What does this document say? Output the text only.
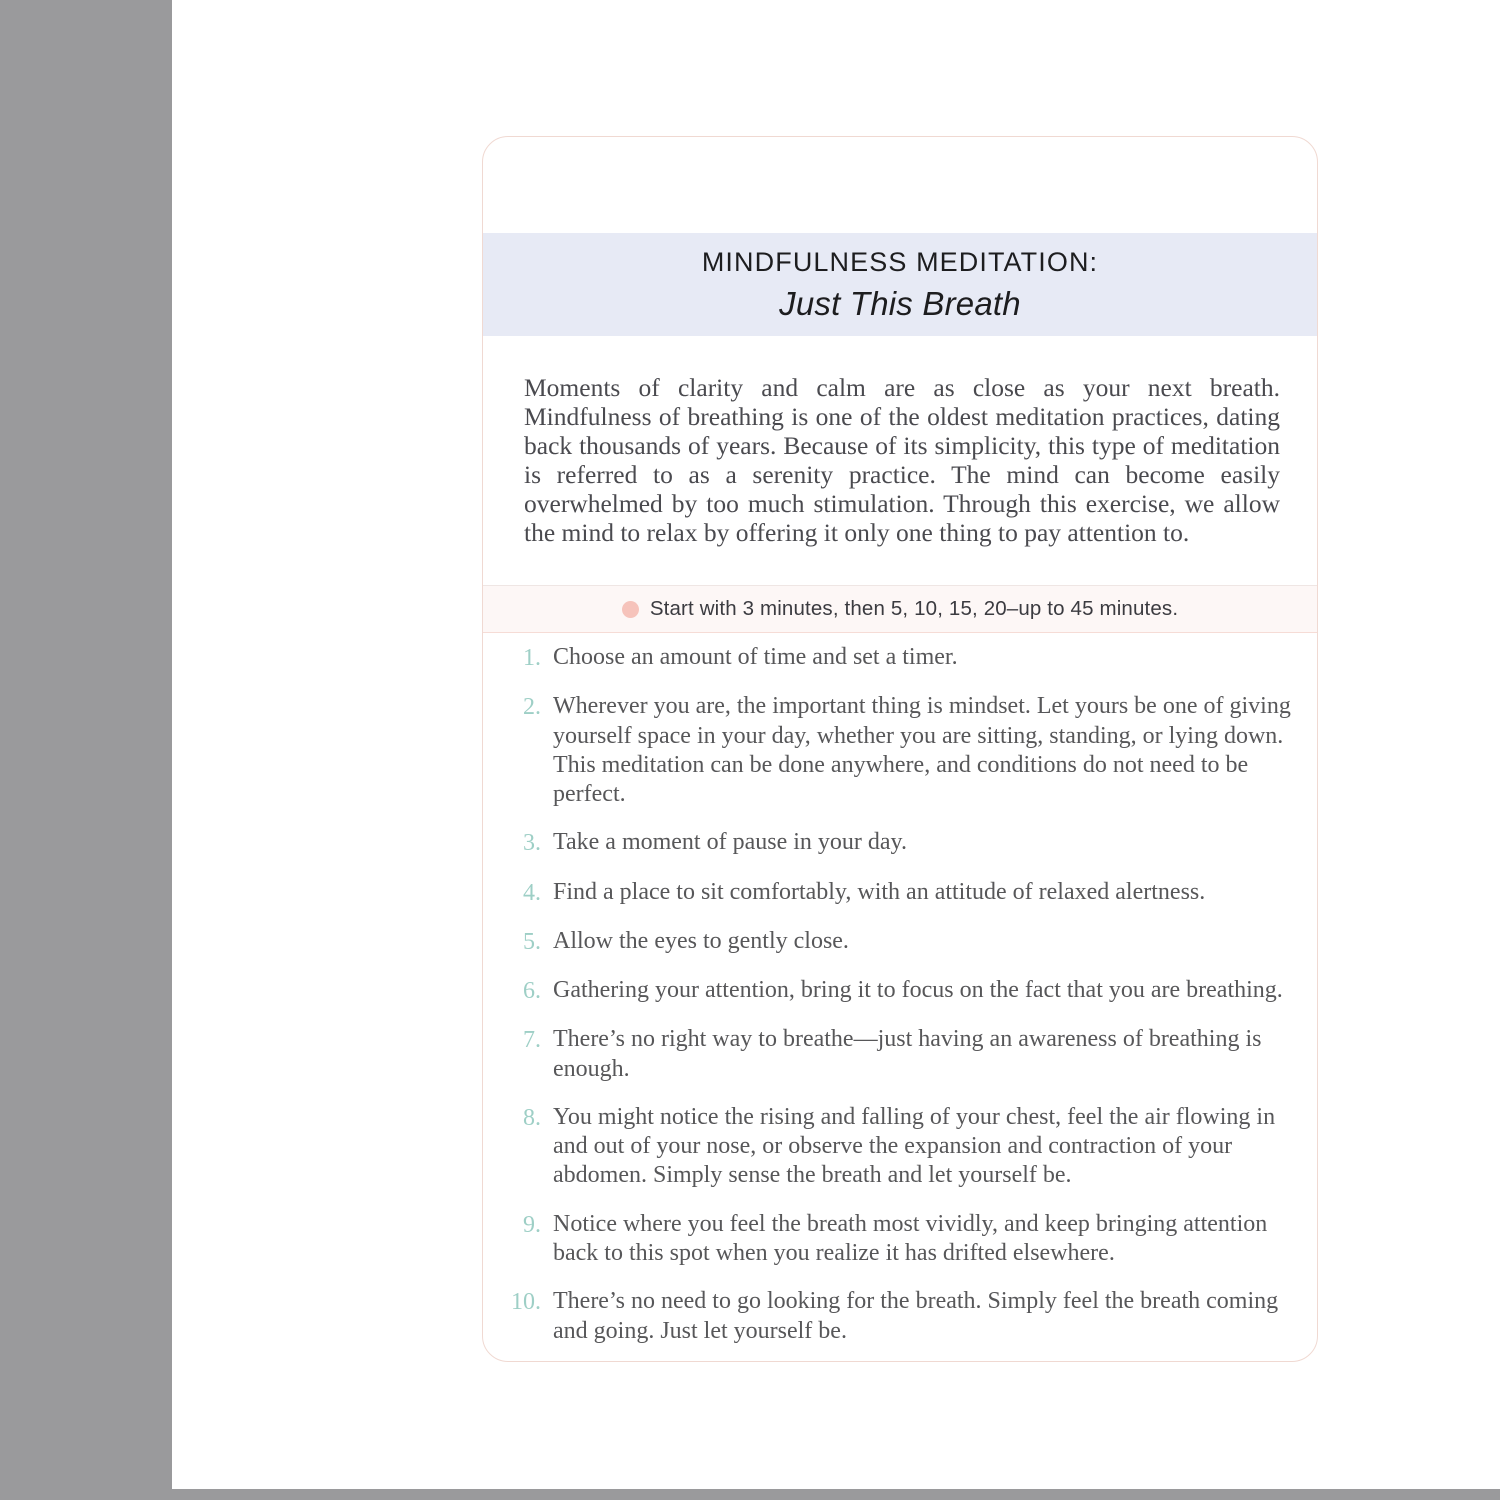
MINDFULNESS MEDITATION:
Just This Breath
Moments of clarity and calm are as close as your next breath. Mindfulness of breathing is one of the oldest meditation practices, dating back thousands of years. Because of its simplicity, this type of meditation is referred to as a serenity practice. The mind can become easily overwhelmed by too much stimulation. Through this exercise, we allow the mind to relax by offering it only one thing to pay attention to.
Start with 3 minutes, then 5, 10, 15, 20–up to 45 minutes.
1. Choose an amount of time and set a timer.
2. Wherever you are, the important thing is mindset. Let yours be one of giving yourself space in your day, whether you are sitting, standing, or lying down. This meditation can be done anywhere, and conditions do not need to be perfect.
3. Take a moment of pause in your day.
4. Find a place to sit comfortably, with an attitude of relaxed alertness.
5. Allow the eyes to gently close.
6. Gathering your attention, bring it to focus on the fact that you are breathing.
7. There’s no right way to breathe—just having an awareness of breathing is enough.
8. You might notice the rising and falling of your chest, feel the air flowing in and out of your nose, or observe the expansion and contraction of your abdomen. Simply sense the breath and let yourself be.
9. Notice where you feel the breath most vividly, and keep bringing attention back to this spot when you realize it has drifted elsewhere.
10. There’s no need to go looking for the breath. Simply feel the breath coming and going. Just let yourself be.
